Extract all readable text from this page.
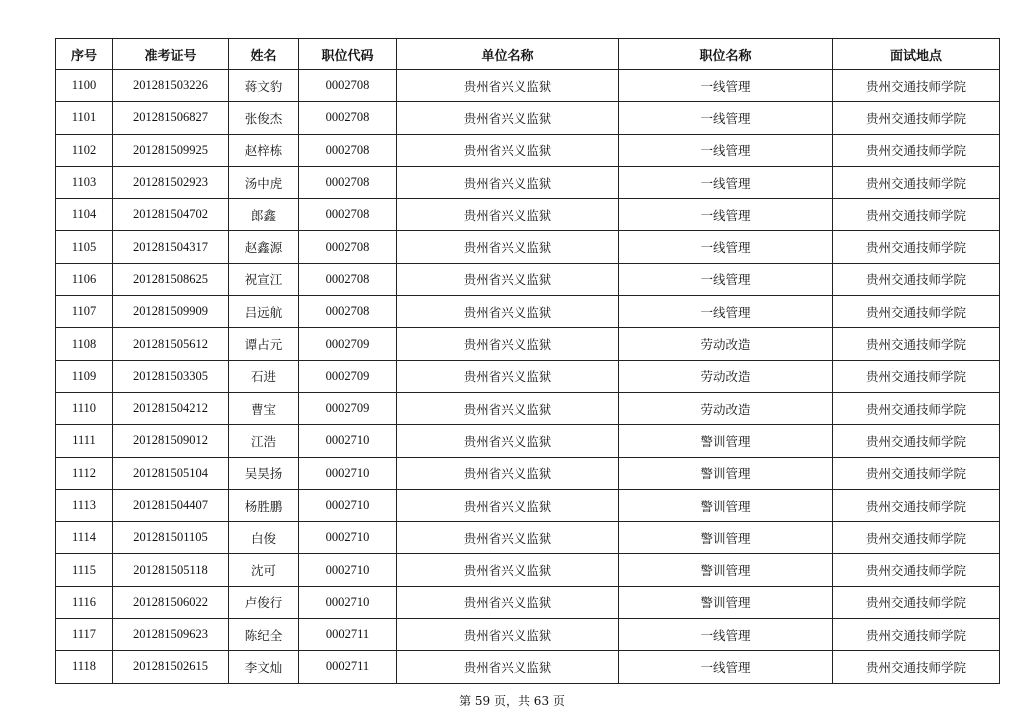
序号	准考证号	姓名	职位代码	单位名称	职位名称	面试地点
1100	201281503226	蒋文豹	0002708	贵州省兴义监狱	一线管理	贵州交通技师学院
1101	201281506827	张俊杰	0002708	贵州省兴义监狱	一线管理	贵州交通技师学院
1102	201281509925	赵梓栋	0002708	贵州省兴义监狱	一线管理	贵州交通技师学院
1103	201281502923	汤中虎	0002708	贵州省兴义监狱	一线管理	贵州交通技师学院
1104	201281504702	郎鑫	0002708	贵州省兴义监狱	一线管理	贵州交通技师学院
1105	201281504317	赵鑫源	0002708	贵州省兴义监狱	一线管理	贵州交通技师学院
1106	201281508625	祝宣江	0002708	贵州省兴义监狱	一线管理	贵州交通技师学院
1107	201281509909	吕远航	0002708	贵州省兴义监狱	一线管理	贵州交通技师学院
1108	201281505612	谭占元	0002709	贵州省兴义监狱	劳动改造	贵州交通技师学院
1109	201281503305	石进	0002709	贵州省兴义监狱	劳动改造	贵州交通技师学院
1110	201281504212	曹宝	0002709	贵州省兴义监狱	劳动改造	贵州交通技师学院
1111	201281509012	江浩	0002710	贵州省兴义监狱	警训管理	贵州交通技师学院
1112	201281505104	吴昊扬	0002710	贵州省兴义监狱	警训管理	贵州交通技师学院
1113	201281504407	杨胜鹏	0002710	贵州省兴义监狱	警训管理	贵州交通技师学院
1114	201281501105	白俊	0002710	贵州省兴义监狱	警训管理	贵州交通技师学院
1115	201281505118	沈可	0002710	贵州省兴义监狱	警训管理	贵州交通技师学院
1116	201281506022	卢俊行	0002710	贵州省兴义监狱	警训管理	贵州交通技师学院
1117	201281509623	陈纪全	0002711	贵州省兴义监狱	一线管理	贵州交通技师学院
1118	201281502615	李文灿	0002711	贵州省兴义监狱	一线管理	贵州交通技师学院
第 59 页，共 63 页
